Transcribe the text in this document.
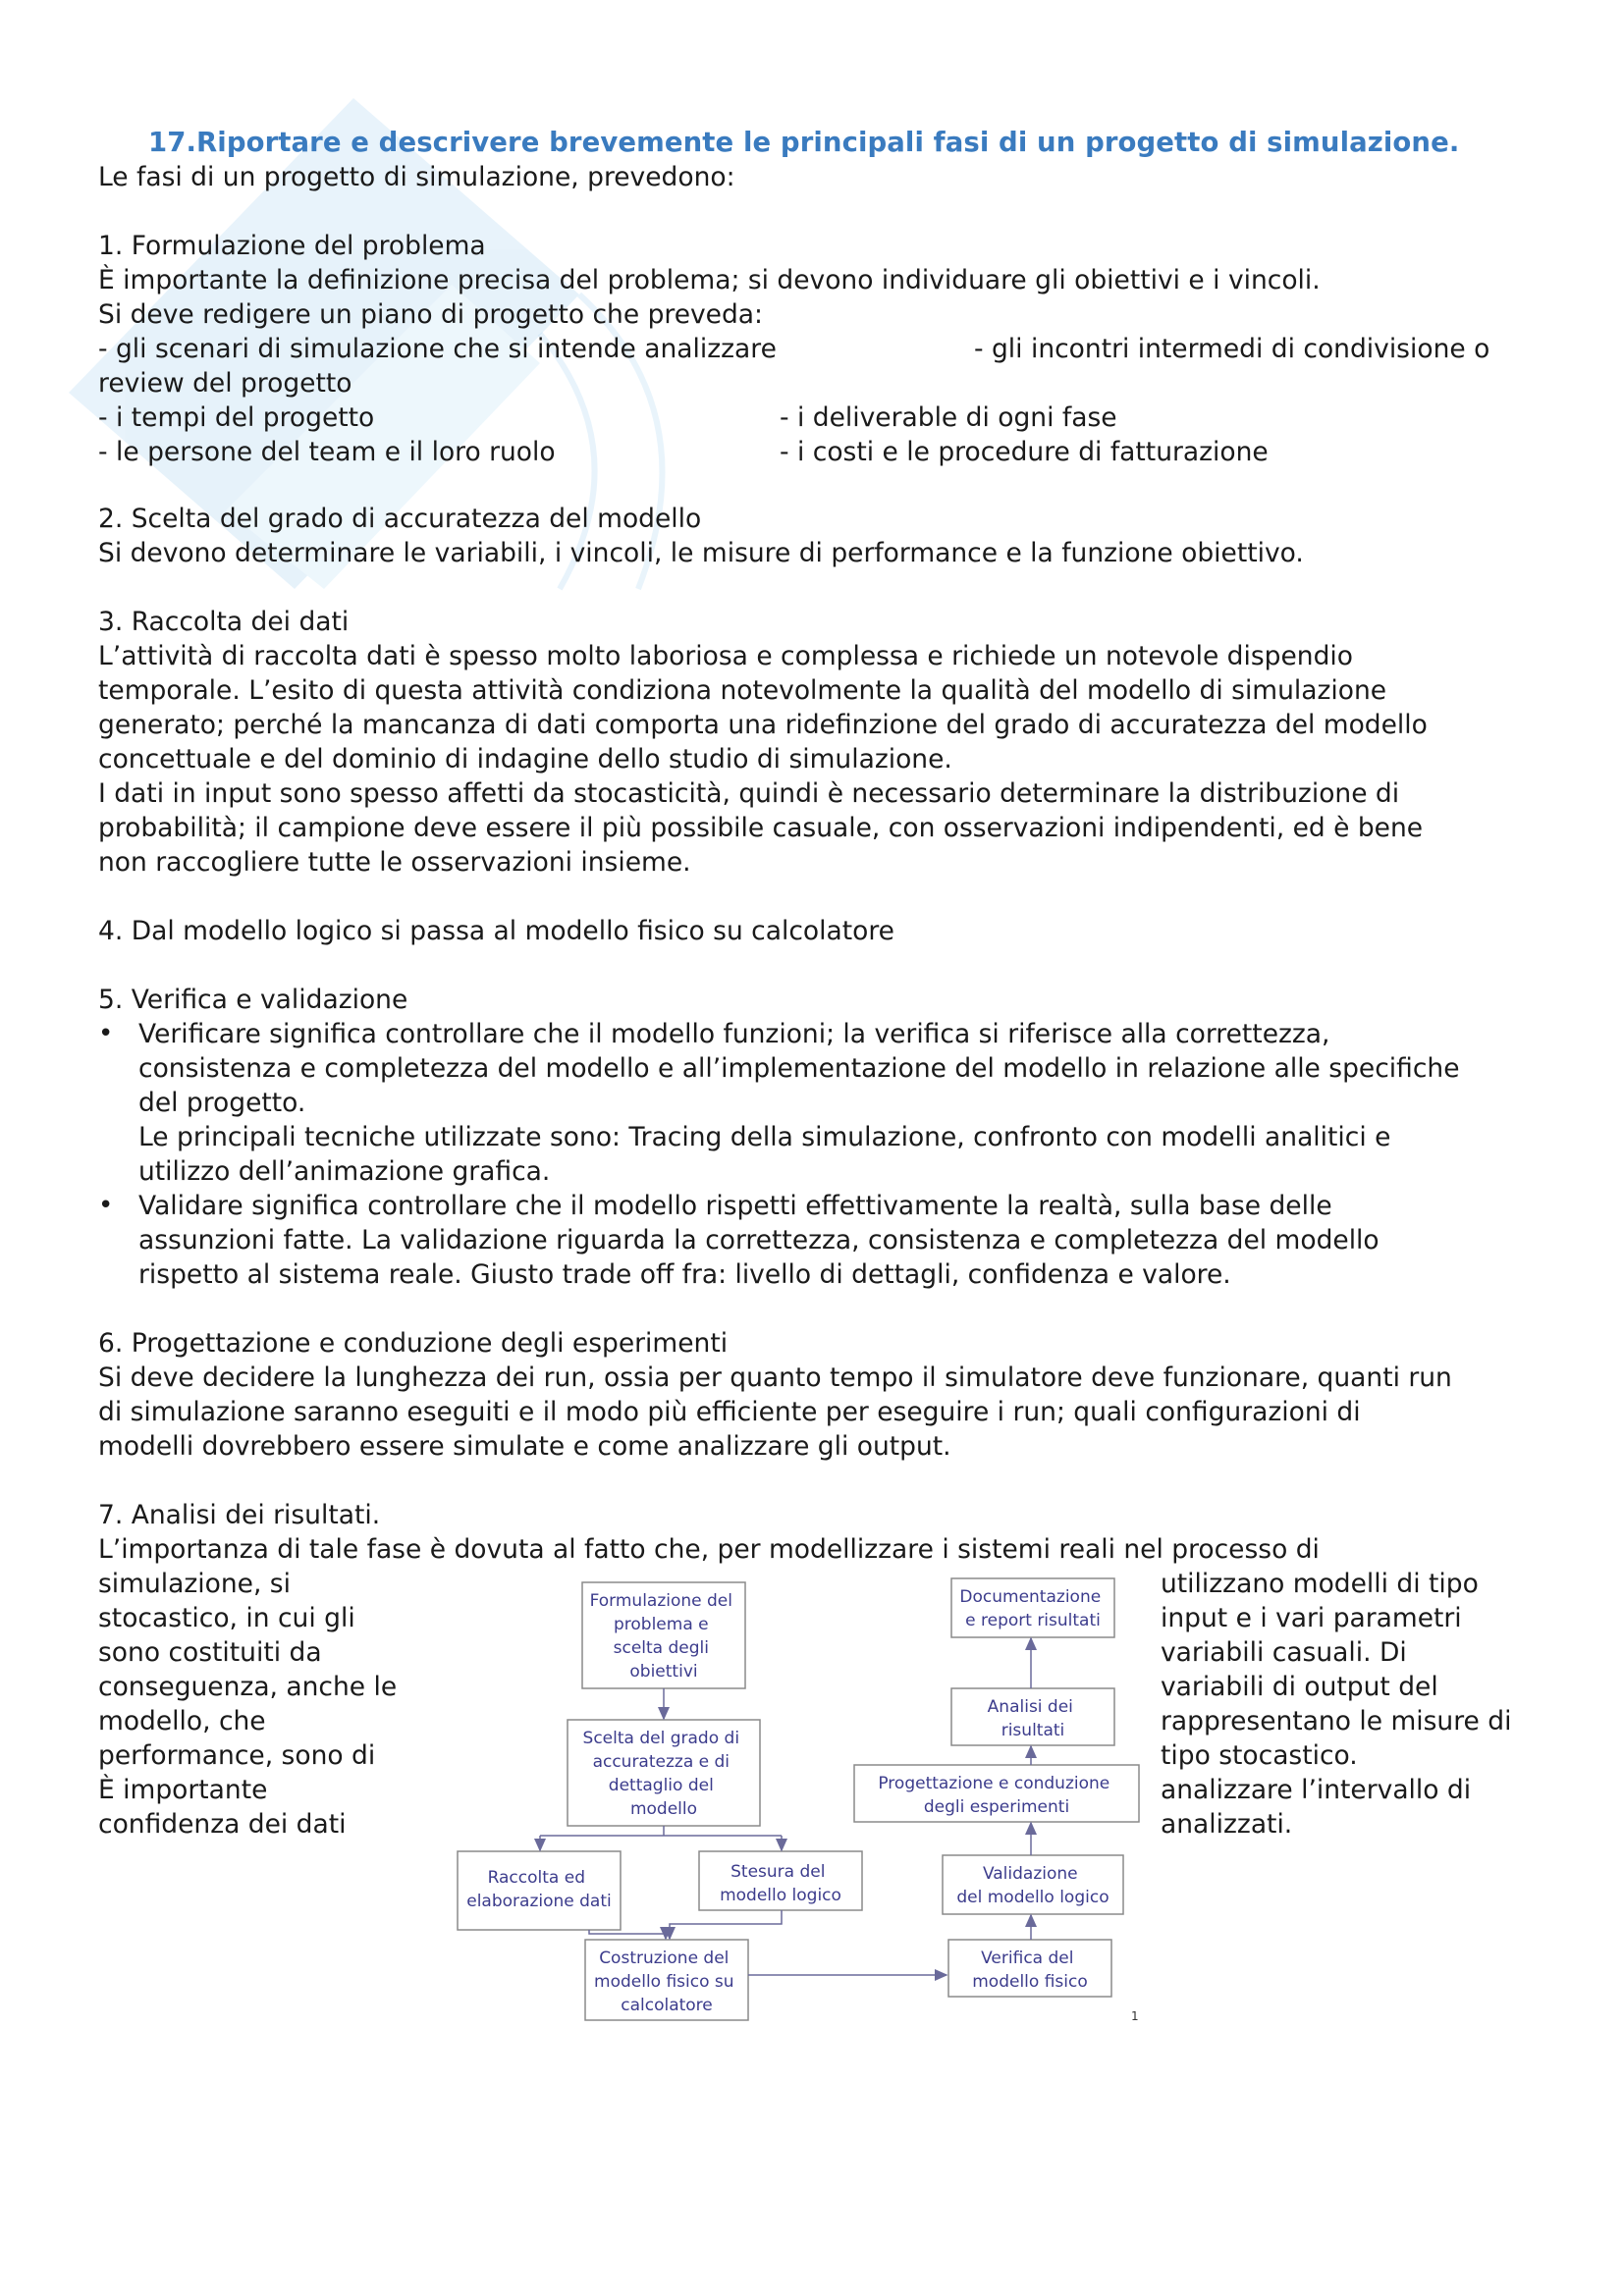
17.Riportare e descrivere brevemente le principali fasi di un progetto di simulazione.

Le fasi di un progetto di simulazione, prevedono:

1. Formulazione del problema

È importante la definizione precisa del problema; si devono individuare gli obiettivi e i vincoli.

Si deve redigere un piano di progetto che preveda:

- gli scenari di simulazione che si intende analizzare	- gli incontri intermedi di condivisione o

review del progetto

- i tempi del progetto	- i deliverable di ogni fase
- le persone del team e il loro ruolo	- i costi e le procedure di fatturazione

2. Scelta del grado di accuratezza del modello

Si devono determinare le variabili, i vincoli, le misure di performance e la funzione obiettivo.

3. Raccolta dei dati

L’attività di raccolta dati è spesso molto laboriosa e complessa e richiede un notevole dispendio

temporale. L’esito di questa attività condiziona notevolmente la qualità del modello di simulazione

generato; perché la mancanza di dati comporta una ridefinzione del grado di accuratezza del modello

concettuale e del dominio di indagine dello studio di simulazione.

I dati in input sono spesso affetti da stocasticità, quindi è necessario determinare la distribuzione di

probabilità; il campione deve essere il più possibile casuale, con osservazioni indipendenti, ed è bene

non raccogliere tutte le osservazioni insieme.

4. Dal modello logico si passa al modello fisico su calcolatore

5. Verifica e validazione

• Verificare significa controllare che il modello funzioni; la verifica si riferisce alla correttezza,

consistenza e completezza del modello e all’implementazione del modello in relazione alle specifiche

del progetto.

Le principali tecniche utilizzate sono: Tracing della simulazione, confronto con modelli analitici e

utilizzo dell’animazione grafica.

• Validare significa controllare che il modello rispetti effettivamente la realtà, sulla base delle

assunzioni fatte. La validazione riguarda la correttezza, consistenza e completezza del modello

rispetto al sistema reale. Giusto trade off fra: livello di dettagli, confidenza e valore.

6. Progettazione e conduzione degli esperimenti

Si deve decidere la lunghezza dei run, ossia per quanto tempo il simulatore deve funzionare, quanti run

di simulazione saranno eseguiti e il modo più efficiente per eseguire i run; quali configurazioni di

modelli dovrebbero essere simulate e come analizzare gli output.

7. Analisi dei risultati.

L’importanza di tale fase è dovuta al fatto che, per modellizzare i sistemi reali nel processo di

simulazione, si

stocastico, in cui gli

sono costituiti da

conseguenza, anche le

modello, che

performance, sono di

È importante

confidenza dei dati

utilizzano modelli di tipo

input e i vari parametri

variabili casuali. Di

variabili di output del

rappresentano le misure di

tipo stocastico.

analizzare l’intervallo di

analizzati.

Formulazione del problema e scelta degli obiettivi
Scelta del grado di accuratezza e di dettaglio del modello
Raccolta ed elaborazione dati
Stesura del modello logico
Costruzione del modello fisico su calcolatore
Verifica del modello fisico
Validazione del modello logico
Progettazione e conduzione degli esperimenti
Analisi dei risultati
Documentazione e report risultati
1
